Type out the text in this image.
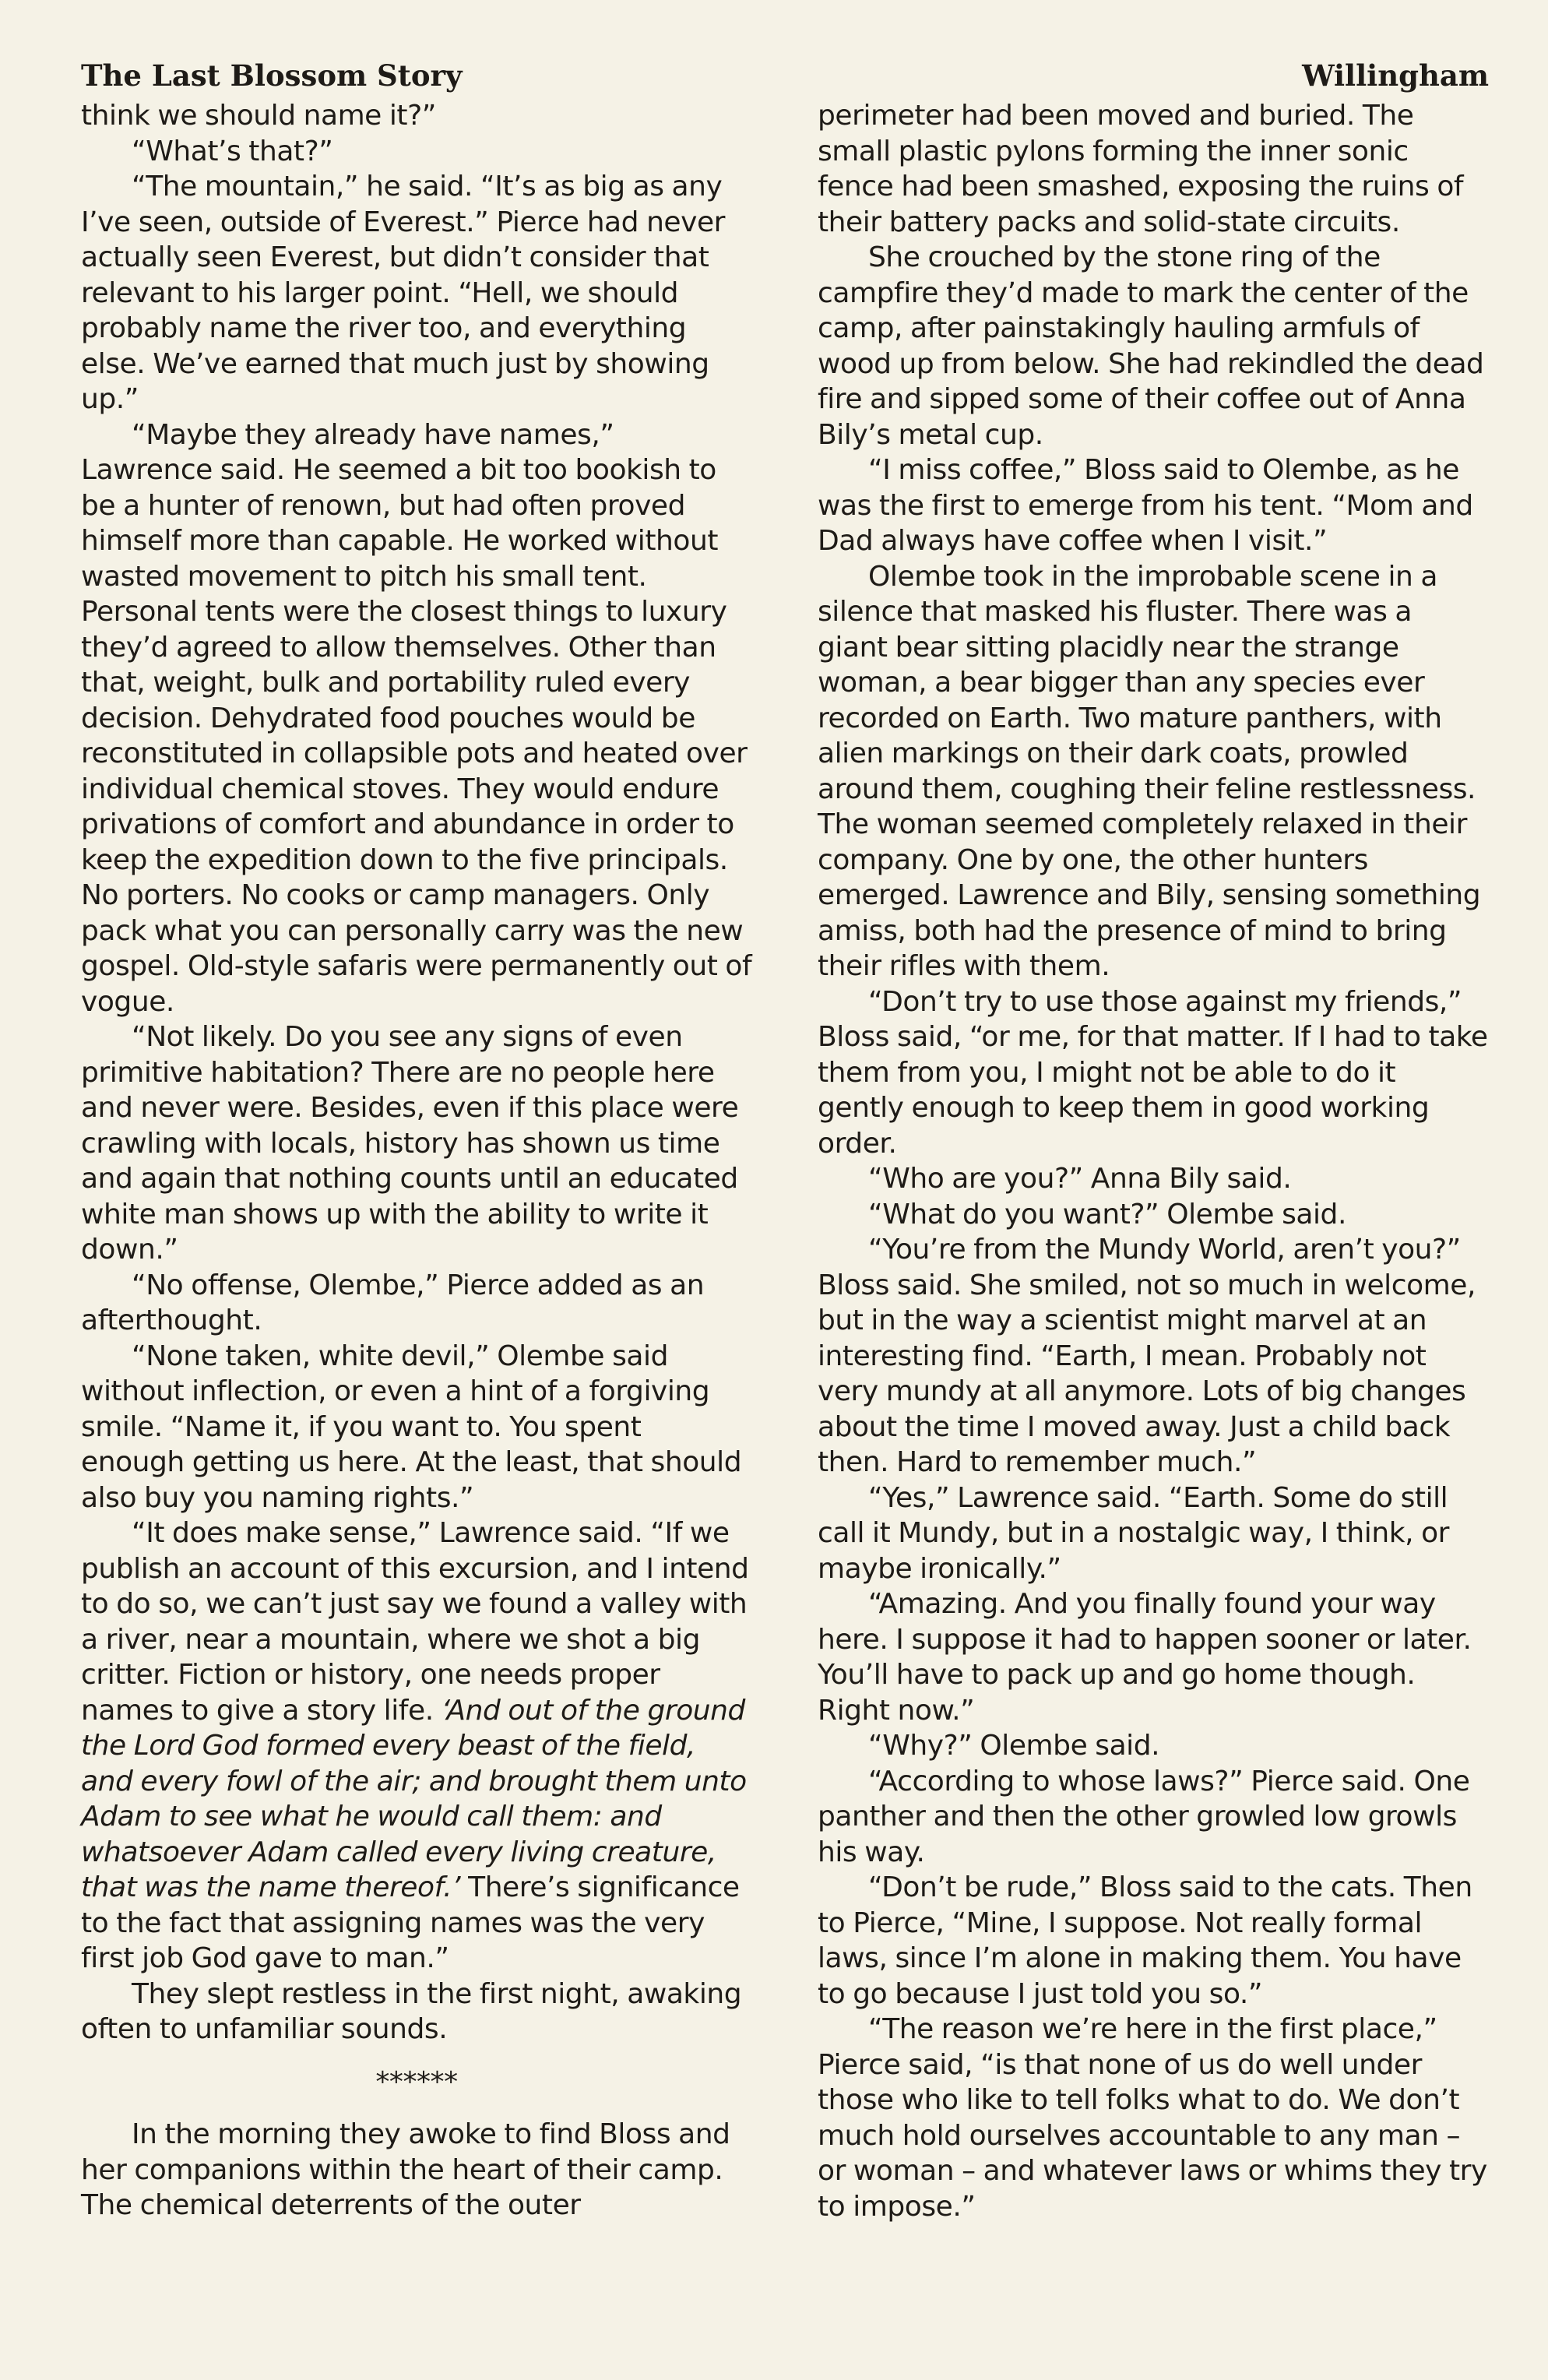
The Last Blossom Story	Willingham

think we should name it?”

“What’s that?”

“The mountain,” he said. “It’s as big as any I’ve seen, outside of Everest.” Pierce had never actually seen Everest, but didn’t consider that relevant to his larger point. “Hell, we should probably name the river too, and everything else. We’ve earned that much just by showing up.”

“Maybe they already have names,” Lawrence said. He seemed a bit too bookish to be a hunter of renown, but had often proved himself more than capable. He worked without wasted movement to pitch his small tent. Personal tents were the closest things to luxury they’d agreed to allow themselves. Other than that, weight, bulk and portability ruled every decision. Dehydrated food pouches would be reconstituted in collapsible pots and heated over individual chemical stoves. They would endure privations of comfort and abundance in order to keep the expedition down to the five principals. No porters. No cooks or camp managers. Only pack what you can personally carry was the new gospel. Old-style safaris were permanently out of vogue.

“Not likely. Do you see any signs of even primitive habitation? There are no people here and never were. Besides, even if this place were crawling with locals, history has shown us time and again that nothing counts until an educated white man shows up with the ability to write it down.”

“No offense, Olembe,” Pierce added as an afterthought.

“None taken, white devil,” Olembe said without inflection, or even a hint of a forgiving smile. “Name it, if you want to. You spent enough getting us here. At the least, that should also buy you naming rights.”

“It does make sense,” Lawrence said. “If we publish an account of this excursion, and I intend to do so, we can’t just say we found a valley with a river, near a mountain, where we shot a big critter. Fiction or history, one needs proper names to give a story life. ‘And out of the ground the Lord God formed every beast of the field, and every fowl of the air; and brought them unto Adam to see what he would call them: and whatsoever Adam called every living creature, that was the name thereof.’ There’s significance to the fact that assigning names was the very first job God gave to man.”

They slept restless in the first night, awaking often to unfamiliar sounds.

******

In the morning they awoke to find Bloss and her companions within the heart of their camp. The chemical deterrents of the outer

perimeter had been moved and buried. The small plastic pylons forming the inner sonic fence had been smashed, exposing the ruins of their battery packs and solid-state circuits.

She crouched by the stone ring of the campfire they’d made to mark the center of the camp, after painstakingly hauling armfuls of wood up from below. She had rekindled the dead fire and sipped some of their coffee out of Anna Bily’s metal cup.

“I miss coffee,” Bloss said to Olembe, as he was the first to emerge from his tent. “Mom and Dad always have coffee when I visit.”

Olembe took in the improbable scene in a silence that masked his fluster. There was a giant bear sitting placidly near the strange woman, a bear bigger than any species ever recorded on Earth. Two mature panthers, with alien markings on their dark coats, prowled around them, coughing their feline restlessness. The woman seemed completely relaxed in their company. One by one, the other hunters emerged. Lawrence and Bily, sensing something amiss, both had the presence of mind to bring their rifles with them.

“Don’t try to use those against my friends,” Bloss said, “or me, for that matter. If I had to take them from you, I might not be able to do it gently enough to keep them in good working order.

“Who are you?” Anna Bily said.

“What do you want?” Olembe said.

“You’re from the Mundy World, aren’t you?” Bloss said. She smiled, not so much in welcome, but in the way a scientist might marvel at an interesting find. “Earth, I mean. Probably not very mundy at all anymore. Lots of big changes about the time I moved away. Just a child back then. Hard to remember much.”

“Yes,” Lawrence said. “Earth. Some do still call it Mundy, but in a nostalgic way, I think, or maybe ironically.”

“Amazing. And you finally found your way here. I suppose it had to happen sooner or later. You’ll have to pack up and go home though. Right now.”

“Why?” Olembe said.

“According to whose laws?” Pierce said. One panther and then the other growled low growls his way.

“Don’t be rude,” Bloss said to the cats. Then to Pierce, “Mine, I suppose. Not really formal laws, since I’m alone in making them. You have to go because I just told you so.”

“The reason we’re here in the first place,” Pierce said, “is that none of us do well under those who like to tell folks what to do. We don’t much hold ourselves accountable to any man – or woman – and whatever laws or whims they try to impose.”
